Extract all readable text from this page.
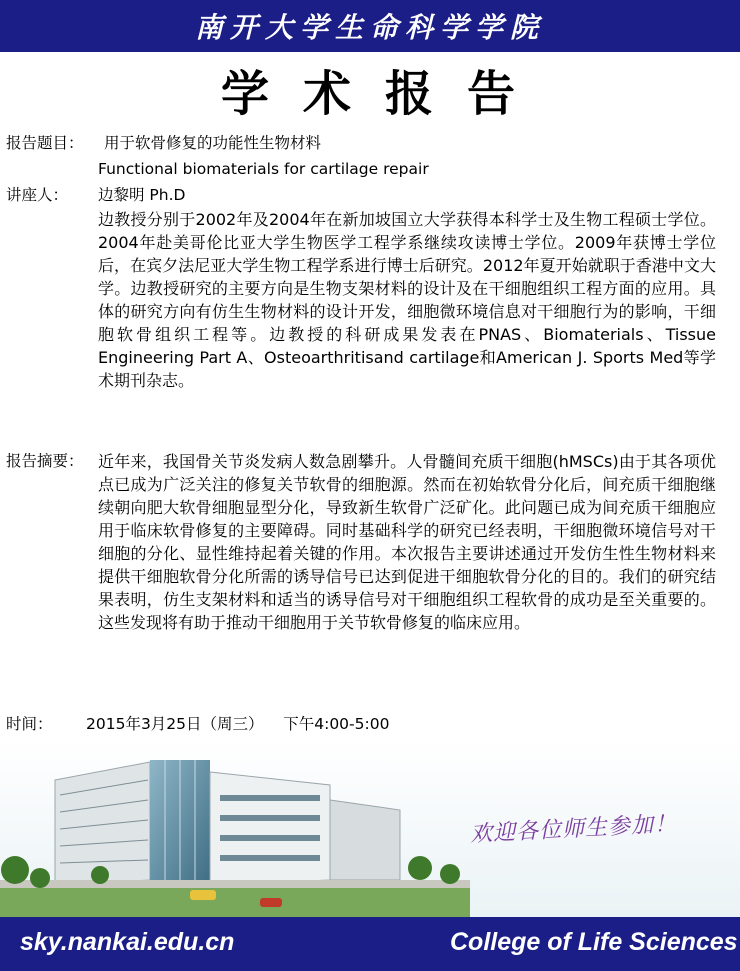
南开大学生命科学学院
学术报告
报告题目： 用于软骨修复的功能性生物材料
Functional biomaterials for cartilage repair
讲座人： 边黎明 Ph.D
边教授分别于2002年及2004年在新加坡国立大学获得本科学士及生物工程硕士学位。2004年赴美哥伦比亚大学生物医学工程学系继续攻读博士学位。2009年获博士学位后，在宾夕法尼亚大学生物工程学系进行博士后研究。2012年夏开始就职于香港中文大学。边教授研究的主要方向是生物支架材料的设计及在干细胞组织工程方面的应用。具体的研究方向有仿生生物材料的设计开发，细胞微环境信息对干细胞行为的影响，干细胞软骨组织工程等。边教授的科研成果发表在PNAS、Biomaterials、Tissue Engineering Part A、Osteoarthritisand cartilage和American J. Sports Med等学术期刊杂志。
报告摘要： 近年来，我国骨关节炎发病人数急剧攀升。人骨髓间充质干细胞(hMSCs)由于其各项优点已成为广泛关注的修复关节软骨的细胞源。然而在初始软骨分化后，间充质干细胞继续朝向肥大软骨细胞显型分化，导致新生软骨广泛矿化。此问题已成为间充质干细胞应用于临床软骨修复的主要障碍。同时基础科学的研究已经表明，干细胞微环境信号对干细胞的分化、显性维持起着关键的作用。本次报告主要讲述通过开发仿生性生物材料来提供干细胞软骨分化所需的诱导信号已达到促进干细胞软骨分化的目的。我们的研究结果表明，仿生支架材料和适当的诱导信号对干细胞组织工程软骨的成功是至关重要的。这些发现将有助于推动干细胞用于关节软骨修复的临床应用。
时间： 2015年3月25日（周三）    下午4:00-5:00
欢迎各位师生参加！
sky.nankai.edu.cn	College of Life Sciences
